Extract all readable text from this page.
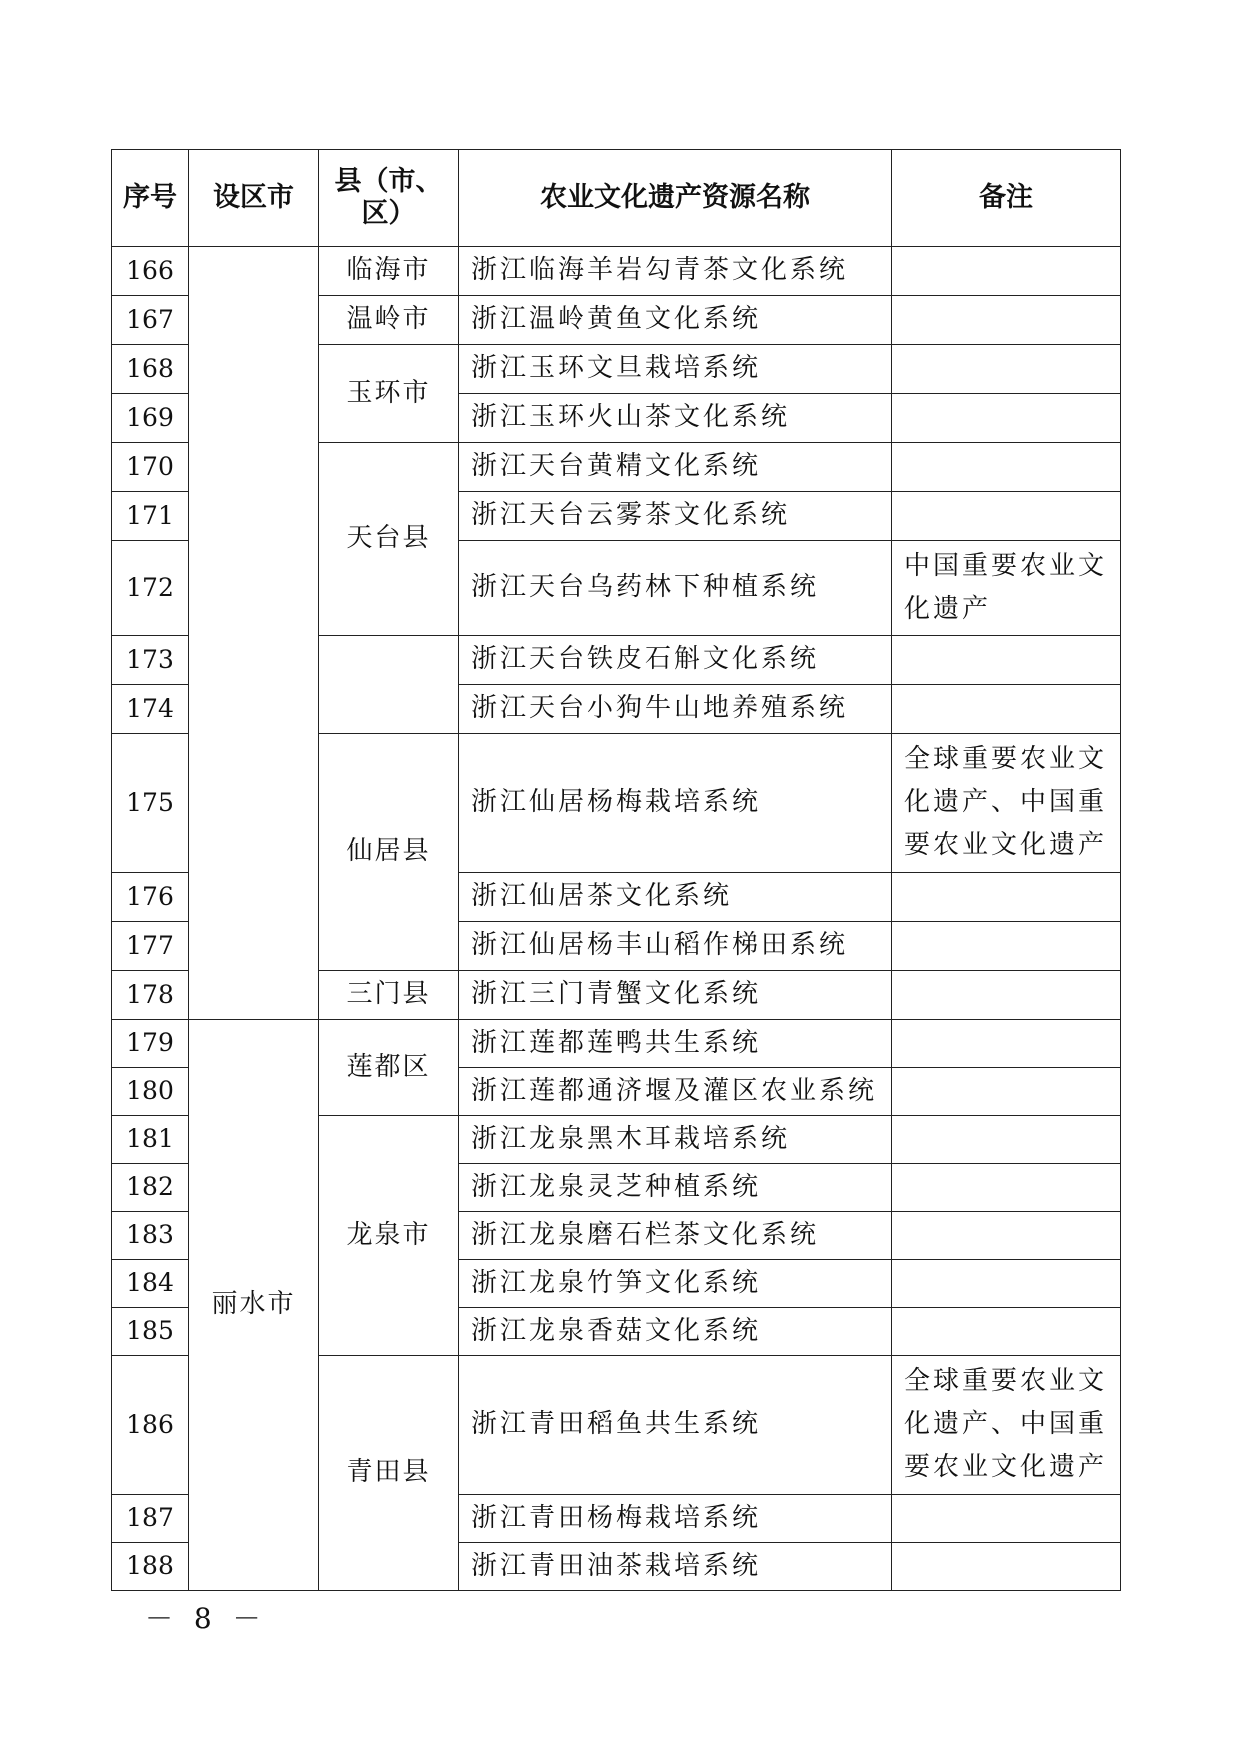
序号	设区市	县（市、区）	农业文化遗产资源名称	备注
166		临海市	浙江临海羊岩勾青茶文化系统	
167		温岭市	浙江温岭黄鱼文化系统	
168		玉环市	浙江玉环文旦栽培系统	
169			浙江玉环火山茶文化系统	
170		天台县	浙江天台黄精文化系统	
171			浙江天台云雾茶文化系统	
172			浙江天台乌药林下种植系统	中国重要农业文化遗产
173			浙江天台铁皮石斛文化系统	
174			浙江天台小狗牛山地养殖系统	
175		仙居县	浙江仙居杨梅栽培系统	全球重要农业文化遗产、中国重要农业文化遗产
176			浙江仙居茶文化系统	
177			浙江仙居杨丰山稻作梯田系统	
178		三门县	浙江三门青蟹文化系统	
179	丽水市	莲都区	浙江莲都莲鸭共生系统	
180			浙江莲都通济堰及灌区农业系统	
181		龙泉市	浙江龙泉黑木耳栽培系统	
182			浙江龙泉灵芝种植系统	
183			浙江龙泉磨石栏茶文化系统	
184			浙江龙泉竹笋文化系统	
185			浙江龙泉香菇文化系统	
186		青田县	浙江青田稻鱼共生系统	全球重要农业文化遗产、中国重要农业文化遗产
187			浙江青田杨梅栽培系统	
188			浙江青田油茶栽培系统	
－ 8 －
